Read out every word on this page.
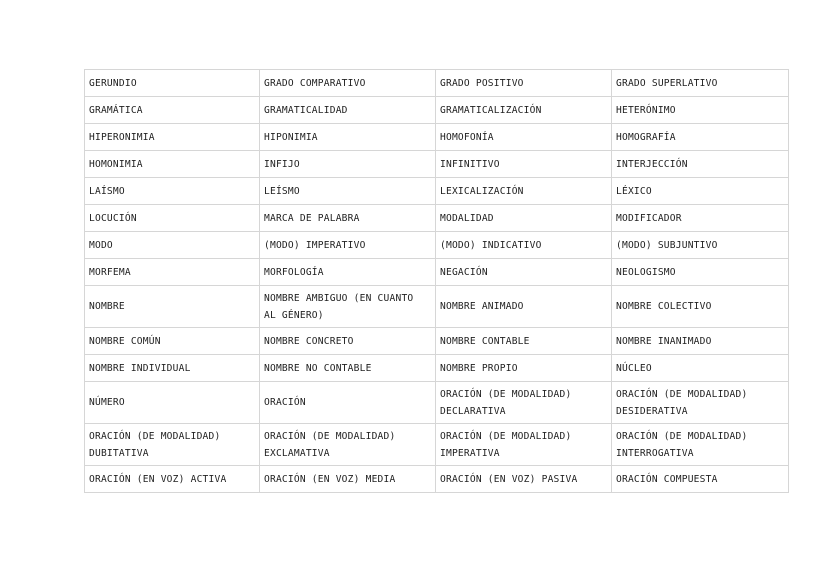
GERUNDIO	GRADO COMPARATIVO	GRADO POSITIVO	GRADO SUPERLATIVO
GRAMÁTICA	GRAMATICALIDAD	GRAMATICALIZACIÓN	HETERÓNIMO
HIPERONIMIA	HIPONIMIA	HOMOFONÍA	HOMOGRAFÍA
HOMONIMIA	INFIJO	INFINITIVO	INTERJECCIÓN
LAÍSMO	LEÍSMO	LEXICALIZACIÓN	LÉXICO
LOCUCIÓN	MARCA DE PALABRA	MODALIDAD	MODIFICADOR
MODO	(MODO) IMPERATIVO	(MODO) INDICATIVO	(MODO) SUBJUNTIVO
MORFEMA	MORFOLOGÍA	NEGACIÓN	NEOLOGISMO
NOMBRE	NOMBRE AMBIGUO (EN CUANTO AL GÉNERO)	NOMBRE ANIMADO	NOMBRE COLECTIVO
NOMBRE COMÚN	NOMBRE CONCRETO	NOMBRE CONTABLE	NOMBRE INANIMADO
NOMBRE INDIVIDUAL	NOMBRE NO CONTABLE	NOMBRE PROPIO	NÚCLEO
NÚMERO	ORACIÓN	ORACIÓN (DE MODALIDAD) DECLARATIVA	ORACIÓN (DE MODALIDAD) DESIDERATIVA
ORACIÓN (DE MODALIDAD) DUBITATIVA	ORACIÓN (DE MODALIDAD) EXCLAMATIVA	ORACIÓN (DE MODALIDAD) IMPERATIVA	ORACIÓN (DE MODALIDAD) INTERROGATIVA
ORACIÓN (EN VOZ) ACTIVA	ORACIÓN (EN VOZ) MEDIA	ORACIÓN (EN VOZ) PASIVA	ORACIÓN COMPUESTA
